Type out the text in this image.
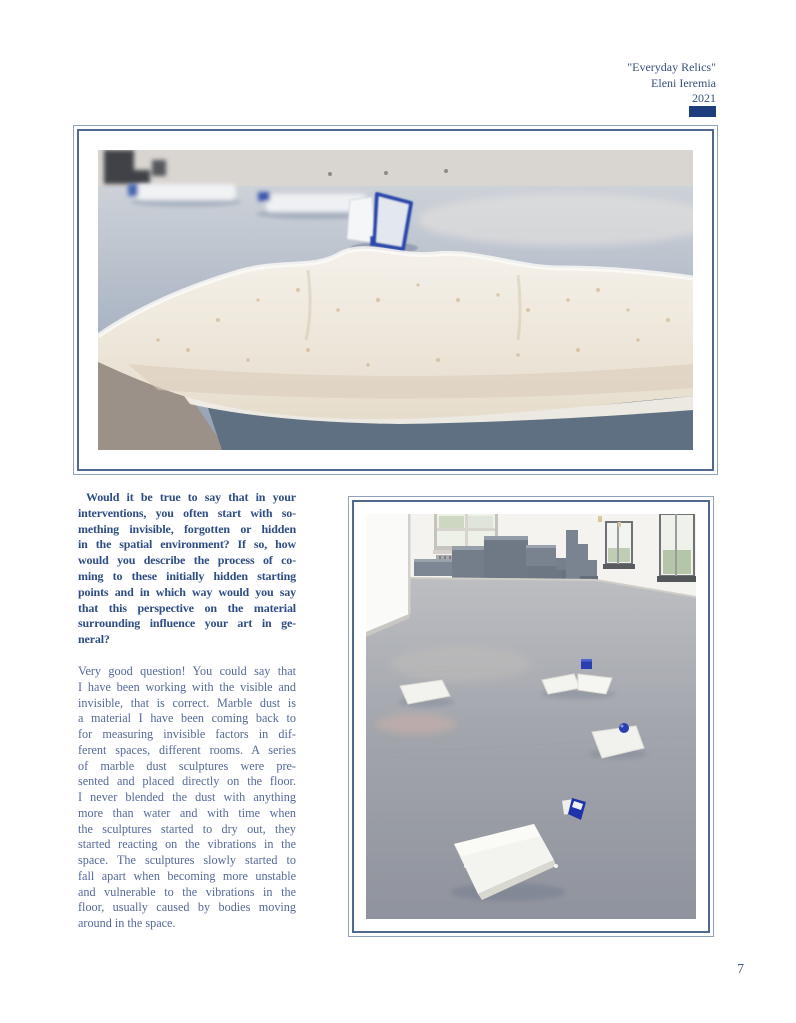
"Everyday Relics"
Eleni Ieremia
2021
Would it be true to say that in your
interventions, you often start with so-
mething invisible, forgotten or hidden
in the spatial environment? If so, how
would you describe the process of co-
ming to these initially hidden starting
points and in which way would you say
that this perspective on the material
surrounding influence your art in ge-
neral?
Very good question! You could say that
I have been working with the visible and
invisible, that is correct. Marble dust is
a material I have been coming back to
for measuring invisible factors in dif-
ferent spaces, different rooms. A series
of marble dust sculptures were pre-
sented and placed directly on the floor.
I never blended the dust with anything
more than water and with time when
the sculptures started to dry out, they
started reacting on the vibrations in the
space. The sculptures slowly started to
fall apart when becoming more unstable
and vulnerable to the vibrations in the
floor, usually caused by bodies moving
around in the space.
7
